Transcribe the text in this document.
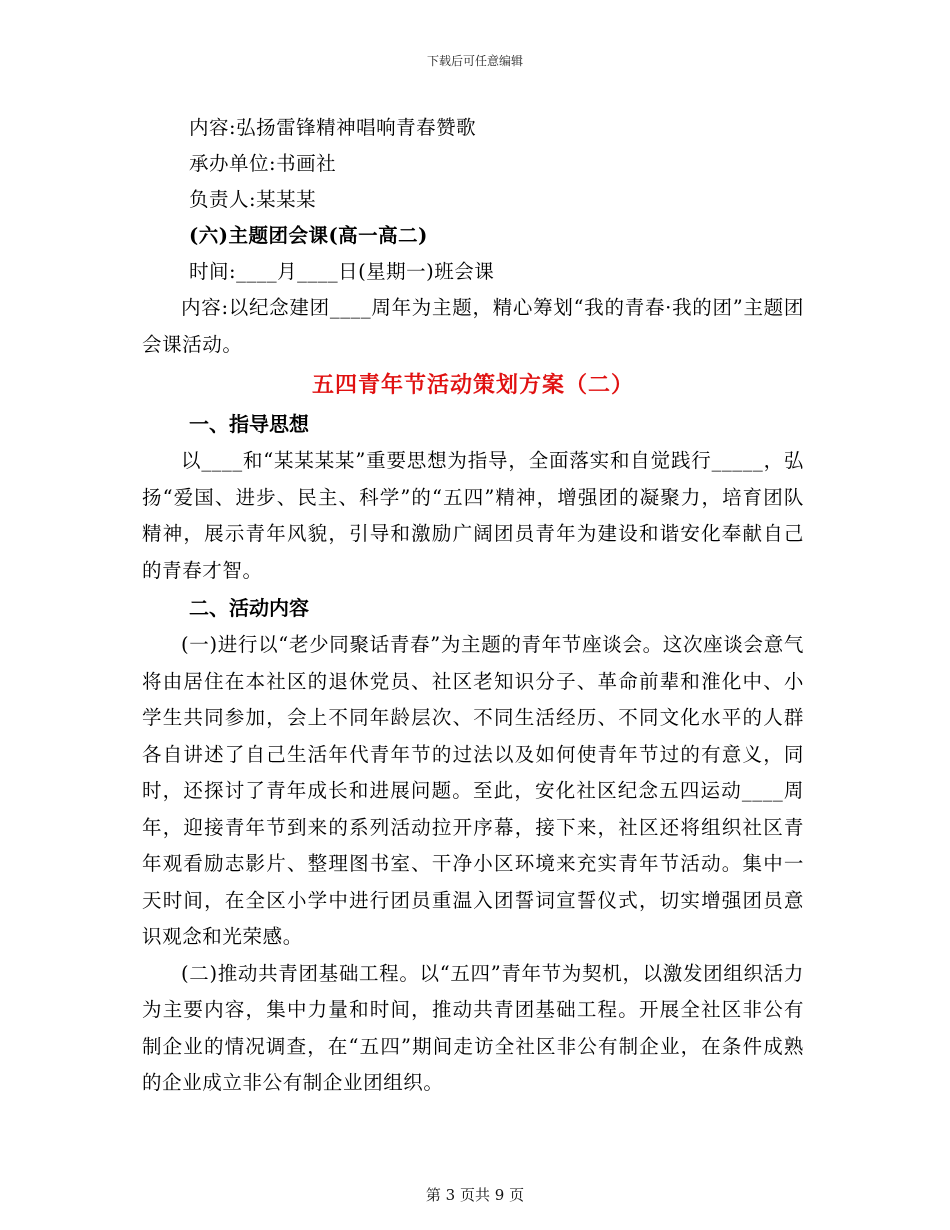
下载后可任意编辑
内容:弘扬雷锋精神唱响青春赞歌
承办单位:书画社
负责人:某某某
(六)主题团会课(高一高二)
时间:____月____日(星期一)班会课
内容:以纪念建团____周年为主题，精心筹划“我的青春·我的团”主题团会课活动。
五四青年节活动策划方案（二）
一、指导思想
以____和“某某某某”重要思想为指导，全面落实和自觉践行_____，弘扬“爱国、进步、民主、科学”的“五四”精神，增强团的凝聚力，培育团队精神，展示青年风貌，引导和激励广阔团员青年为建设和谐安化奉献自己的青春才智。
二、活动内容
(一)进行以“老少同聚话青春”为主题的青年节座谈会。这次座谈会意气将由居住在本社区的退休党员、社区老知识分子、革命前辈和淮化中、小学生共同参加，会上不同年龄层次、不同生活经历、不同文化水平的人群各自讲述了自己生活年代青年节的过法以及如何使青年节过的有意义，同时，还探讨了青年成长和进展问题。至此，安化社区纪念五四运动____周年，迎接青年节到来的系列活动拉开序幕，接下来，社区还将组织社区青年观看励志影片、整理图书室、干净小区环境来充实青年节活动。集中一天时间，在全区小学中进行团员重温入团誓词宣誓仪式，切实增强团员意识观念和光荣感。
(二)推动共青团基础工程。以“五四”青年节为契机，以激发团组织活力为主要内容，集中力量和时间，推动共青团基础工程。开展全社区非公有制企业的情况调查，在“五四”期间走访全社区非公有制企业，在条件成熟的企业成立非公有制企业团组织。
第 3 页共 9 页
